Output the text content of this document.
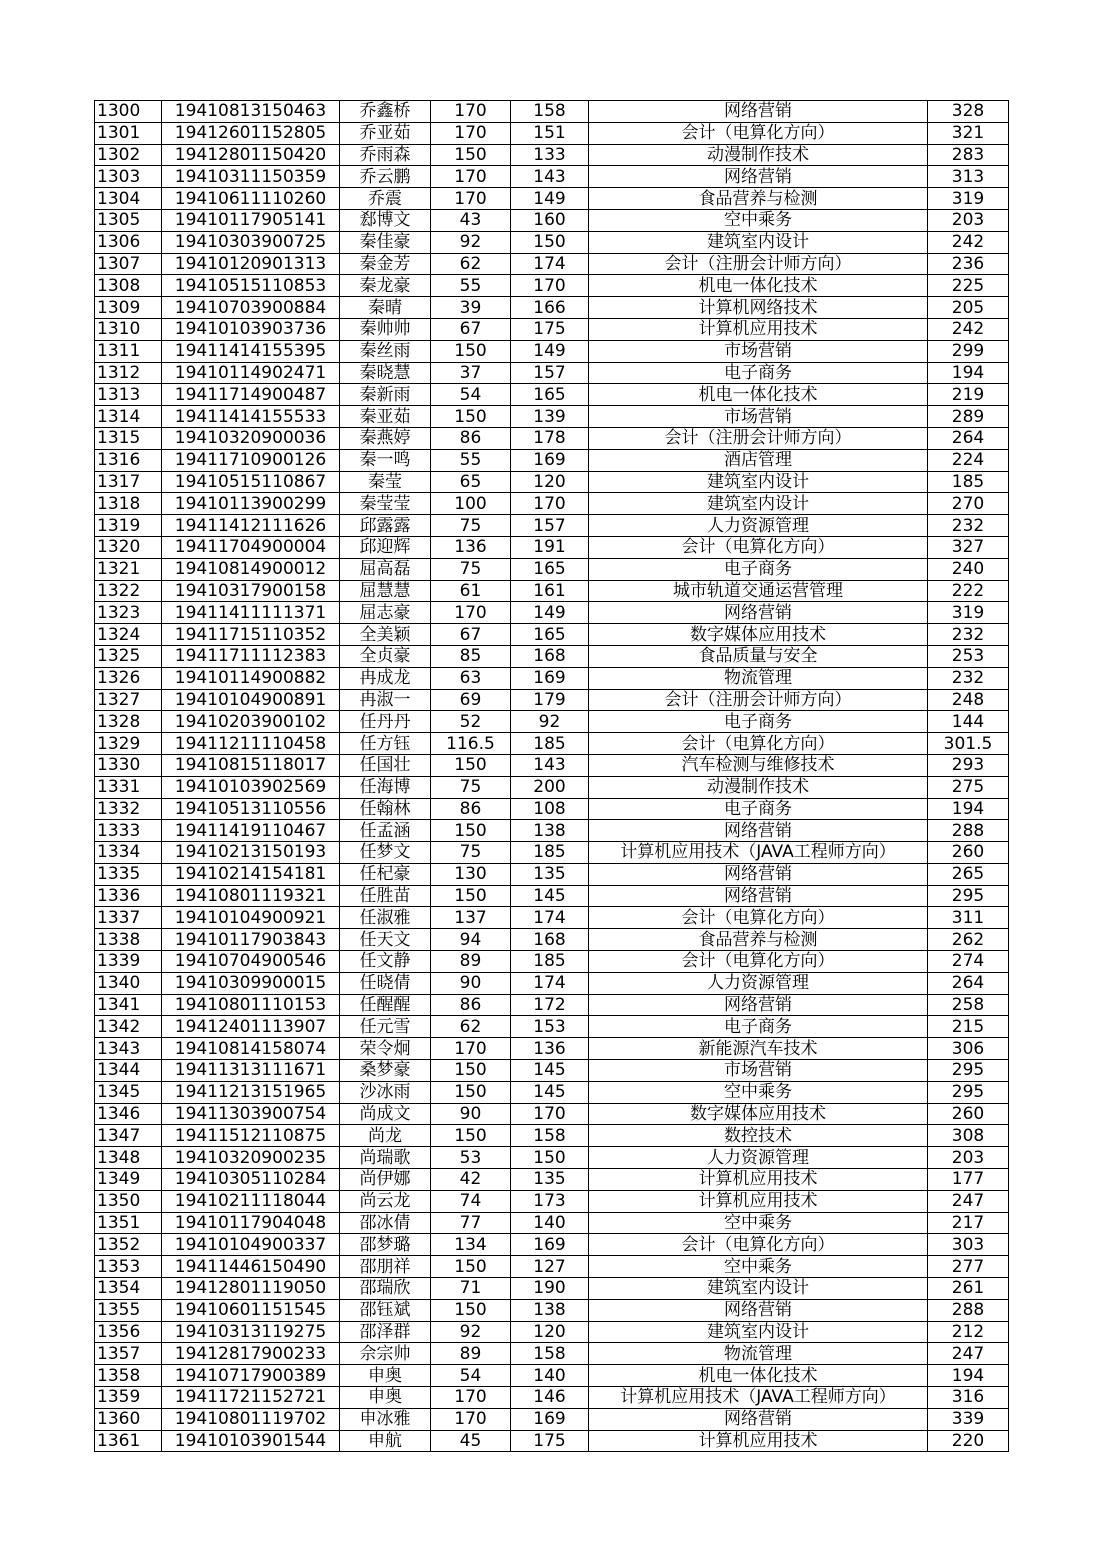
1300	19410813150463	乔鑫桥	170	158	网络营销	328
1301	19412601152805	乔亚茹	170	151	会计（电算化方向）	321
1302	19412801150420	乔雨森	150	133	动漫制作技术	283
1303	19410311150359	乔云鹏	170	143	网络营销	313
1304	19410611110260	乔震	170	149	食品营养与检测	319
1305	19410117905141	郄博文	43	160	空中乘务	203
1306	19410303900725	秦佳豪	92	150	建筑室内设计	242
1307	19410120901313	秦金芳	62	174	会计（注册会计师方向）	236
1308	19410515110853	秦龙豪	55	170	机电一体化技术	225
1309	19410703900884	秦晴	39	166	计算机网络技术	205
1310	19410103903736	秦帅帅	67	175	计算机应用技术	242
1311	19411414155395	秦丝雨	150	149	市场营销	299
1312	19410114902471	秦晓慧	37	157	电子商务	194
1313	19411714900487	秦新雨	54	165	机电一体化技术	219
1314	19411414155533	秦亚茹	150	139	市场营销	289
1315	19410320900036	秦燕婷	86	178	会计（注册会计师方向）	264
1316	19411710900126	秦一鸣	55	169	酒店管理	224
1317	19410515110867	秦莹	65	120	建筑室内设计	185
1318	19410113900299	秦莹莹	100	170	建筑室内设计	270
1319	19411412111626	邱露露	75	157	人力资源管理	232
1320	19411704900004	邱迎辉	136	191	会计（电算化方向）	327
1321	19410814900012	屈高磊	75	165	电子商务	240
1322	19410317900158	屈慧慧	61	161	城市轨道交通运营管理	222
1323	19411411111371	屈志豪	170	149	网络营销	319
1324	19411715110352	全美颖	67	165	数字媒体应用技术	232
1325	19411711112383	全贞豪	85	168	食品质量与安全	253
1326	19410114900882	冉成龙	63	169	物流管理	232
1327	19410104900891	冉淑一	69	179	会计（注册会计师方向）	248
1328	19410203900102	任丹丹	52	92	电子商务	144
1329	19411211110458	任方钰	116.5	185	会计（电算化方向）	301.5
1330	19410815118017	任国壮	150	143	汽车检测与维修技术	293
1331	19410103902569	任海博	75	200	动漫制作技术	275
1332	19410513110556	任翰林	86	108	电子商务	194
1333	19411419110467	任孟涵	150	138	网络营销	288
1334	19410213150193	任梦文	75	185	计算机应用技术（JAVA工程师方向）	260
1335	19410214154181	任杞豪	130	135	网络营销	265
1336	19410801119321	任胜苗	150	145	网络营销	295
1337	19410104900921	任淑雅	137	174	会计（电算化方向）	311
1338	19410117903843	任天文	94	168	食品营养与检测	262
1339	19410704900546	任文静	89	185	会计（电算化方向）	274
1340	19410309900015	任晓倩	90	174	人力资源管理	264
1341	19410801110153	任醒醒	86	172	网络营销	258
1342	19412401113907	任元雪	62	153	电子商务	215
1343	19410814158074	荣令炯	170	136	新能源汽车技术	306
1344	19411313111671	桑梦豪	150	145	市场营销	295
1345	19411213151965	沙冰雨	150	145	空中乘务	295
1346	19411303900754	尚成文	90	170	数字媒体应用技术	260
1347	19411512110875	尚龙	150	158	数控技术	308
1348	19410320900235	尚瑞歌	53	150	人力资源管理	203
1349	19410305110284	尚伊娜	42	135	计算机应用技术	177
1350	19410211118044	尚云龙	74	173	计算机应用技术	247
1351	19410117904048	邵冰倩	77	140	空中乘务	217
1352	19410104900337	邵梦璐	134	169	会计（电算化方向）	303
1353	19411446150490	邵朋祥	150	127	空中乘务	277
1354	19412801119050	邵瑞欣	71	190	建筑室内设计	261
1355	19410601151545	邵钰斌	150	138	网络营销	288
1356	19410313119275	邵泽群	92	120	建筑室内设计	212
1357	19412817900233	佘宗帅	89	158	物流管理	247
1358	19410717900389	申奥	54	140	机电一体化技术	194
1359	19411721152721	申奥	170	146	计算机应用技术（JAVA工程师方向）	316
1360	19410801119702	申冰雅	170	169	网络营销	339
1361	19410103901544	申航	45	175	计算机应用技术	220
